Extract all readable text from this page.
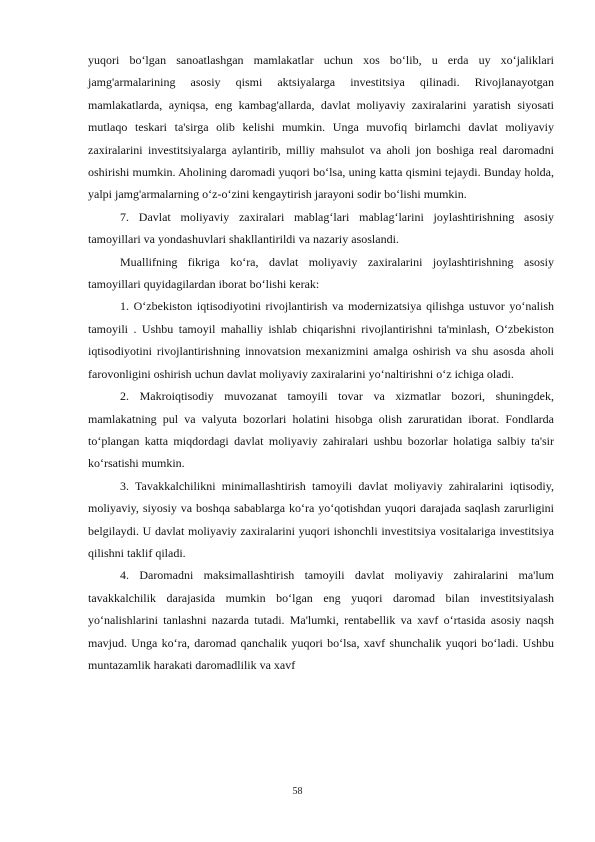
yuqori bo‘lgan sanoatlashgan mamlakatlar uchun xos bo‘lib, u erda uy xo‘jaliklari jamg'armalarining asosiy qismi aktsiyalarga investitsiya qilinadi. Rivojlanayotgan mamlakatlarda, ayniqsa, eng kambag'allarda, davlat moliyaviy zaxiralarini yaratish siyosati mutlaqo teskari ta'sirga olib kelishi mumkin. Unga muvofiq birlamchi davlat moliyaviy zaxiralarini investitsiyalarga aylantirib, milliy mahsulot va aholi jon boshiga real daromadni oshirishi mumkin. Aholining daromadi yuqori bo‘lsa, uning katta qismini tejaydi. Bunday holda, yalpi jamg'armalarning o‘z-o‘zini kengaytirish jarayoni sodir bo‘lishi mumkin.

7. Davlat moliyaviy zaxiralari mablag‘lari mablag‘larini joylashtirishning asosiy tamoyillari va yondashuvlari shakllantirildi va nazariy asoslandi.

Muallifning fikriga ko‘ra, davlat moliyaviy zaxiralarini joylashtirishning asosiy tamoyillari quyidagilardan iborat bo‘lishi kerak:

1. O‘zbekiston iqtisodiyotini rivojlantirish va modernizatsiya qilishga ustuvor yo‘nalish tamoyili . Ushbu tamoyil mahalliy ishlab chiqarishni rivojlantirishni ta'minlash, O‘zbekiston iqtisodiyotini rivojlantirishning innovatsion mexanizmini amalga oshirish va shu asosda aholi farovonligini oshirish uchun davlat moliyaviy zaxiralarini yo‘naltirishni o‘z ichiga oladi.

2. Makroiqtisodiy muvozanat tamoyili tovar va xizmatlar bozori, shuningdek, mamlakatning pul va valyuta bozorlari holatini hisobga olish zaruratidan iborat. Fondlarda to‘plangan katta miqdordagi davlat moliyaviy zahiralari ushbu bozorlar holatiga salbiy ta'sir ko‘rsatishi mumkin.

3. Tavakkalchilikni minimallashtirish tamoyili davlat moliyaviy zahiralarini iqtisodiy, moliyaviy, siyosiy va boshqa sabablarga ko‘ra yo‘qotishdan yuqori darajada saqlash zarurligini belgilaydi. U davlat moliyaviy zaxiralarini yuqori ishonchli investitsiya vositalariga investitsiya qilishni taklif qiladi.

4. Daromadni maksimallashtirish tamoyili davlat moliyaviy zahiralarini ma'lum tavakkalchilik darajasida mumkin bo‘lgan eng yuqori daromad bilan investitsiyalash yo‘nalishlarini tanlashni nazarda tutadi. Ma'lumki, rentabellik va xavf o‘rtasida asosiy naqsh mavjud. Unga ko‘ra, daromad qanchalik yuqori bo‘lsa, xavf shunchalik yuqori bo‘ladi. Ushbu muntazamlik harakati daromadlilik va xavf

58
